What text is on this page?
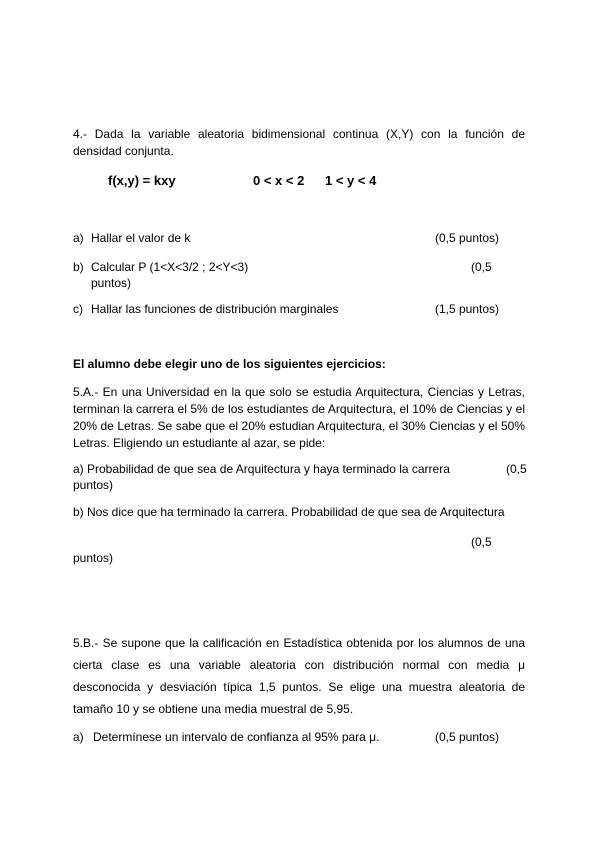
4.- Dada la variable aleatoria bidimensional continua (X,Y) con la función de densidad conjunta.
f(x,y) = kxy	0 < x < 2 1 < y < 4
a) Hallar el valor de k	(0,5 puntos)
b) Calcular P (1<X<3/2 ; 2<Y<3)	(0,5
puntos)
c) Hallar las funciones de distribución marginales	(1,5 puntos)
El alumno debe elegir uno de los siguientes ejercicios:
5.A.- En una Universidad en la que solo se estudia Arquitectura, Ciencias y Letras, terminan la carrera el 5% de los estudiantes de Arquitectura, el 10% de Ciencias y el 20% de Letras. Se sabe que el 20% estudian Arquitectura, el 30% Ciencias y el 50% Letras. Eligiendo un estudiante al azar, se pide:
a) Probabilidad de que sea de Arquitectura y haya terminado la carrera	(0,5
puntos)
b) Nos dice que ha terminado la carrera. Probabilidad de que sea de Arquitectura
(0,5
puntos)
5.B.- Se supone que la calificación en Estadística obtenida por los alumnos de una cierta clase es una variable aleatoria con distribución normal con media μ desconocida y desviación típica 1,5 puntos. Se elige una muestra aleatoria de tamaño 10 y se obtiene una media muestral de 5,95.
a) Determínese un intervalo de confianza al 95% para μ.	(0,5 puntos)
